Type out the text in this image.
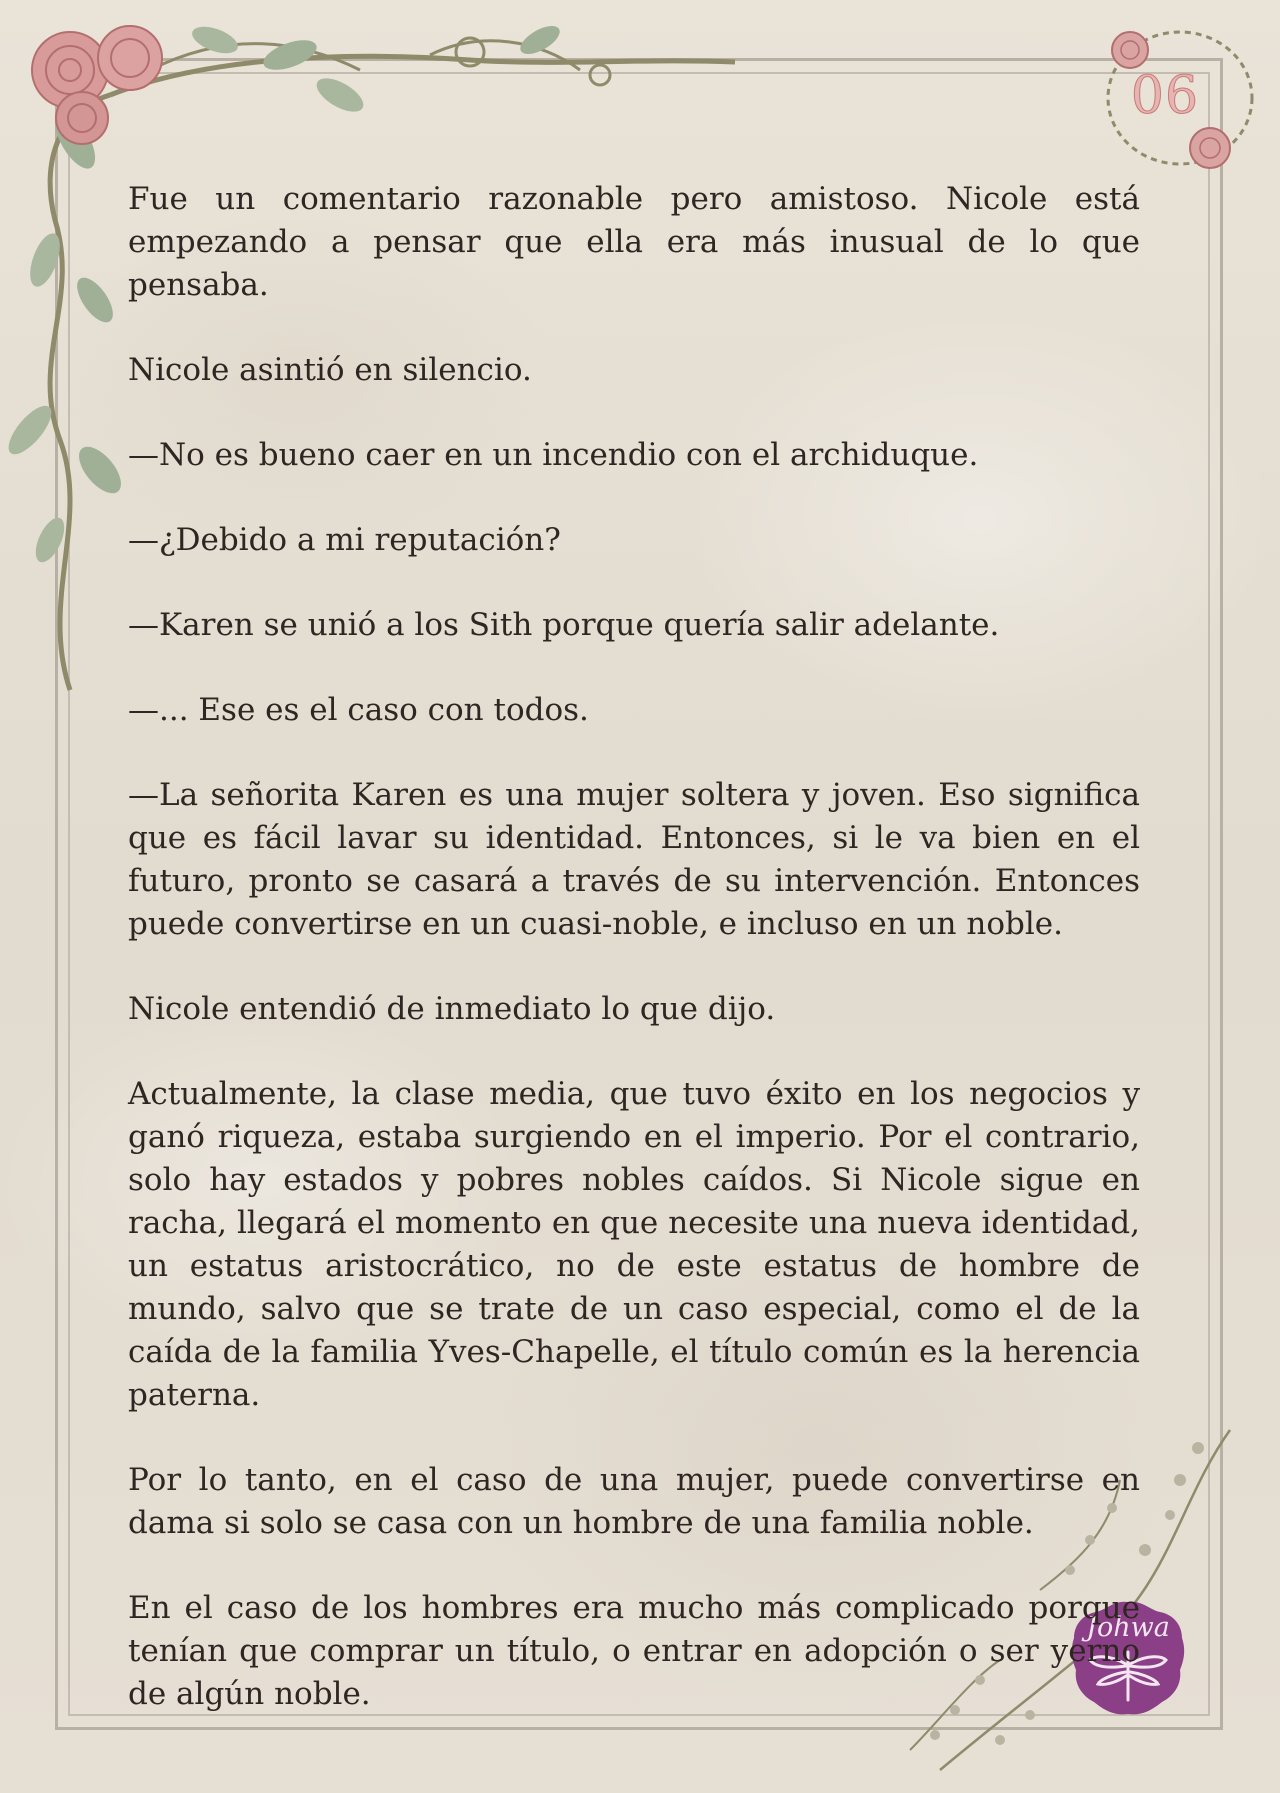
06
Johwa

Fue un comentario razonable pero amistoso. Nicole está empezando a pensar que ella era más inusual de lo que pensaba.

Nicole asintió en silencio.

—No es bueno caer en un incendio con el archiduque.

—¿Debido a mi reputación?

—Karen se unió a los Sith porque quería salir adelante.

—... Ese es el caso con todos.

—La señorita Karen es una mujer soltera y joven. Eso significa que es fácil lavar su identidad. Entonces, si le va bien en el futuro, pronto se casará a través de su intervención. Entonces puede convertirse en un cuasi-noble, e incluso en un noble.

Nicole entendió de inmediato lo que dijo.

Actualmente, la clase media, que tuvo éxito en los negocios y ganó riqueza, estaba surgiendo en el imperio. Por el contrario, solo hay estados y pobres nobles caídos. Si Nicole sigue en racha, llegará el momento en que necesite una nueva identidad, un estatus aristocrático, no de este estatus de hombre de mundo, salvo que se trate de un caso especial, como el de la caída de la familia Yves-Chapelle, el título común es la herencia paterna.

Por lo tanto, en el caso de una mujer, puede convertirse en dama si solo se casa con un hombre de una familia noble.

En el caso de los hombres era mucho más complicado porque tenían que comprar un título, o entrar en adopción o ser yerno de algún noble.
